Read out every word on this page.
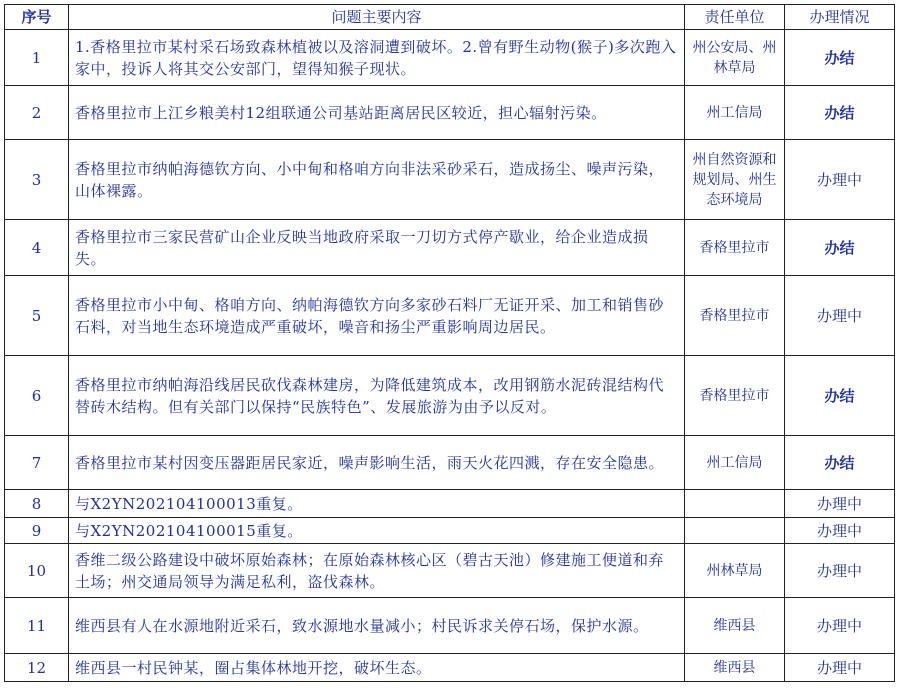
序号	问题主要内容	责任单位	办理情况
1	1.香格里拉市某村采石场致森林植被以及溶洞遭到破坏。2.曾有野生动物(猴子)多次跑入家中，投诉人将其交公安部门，望得知猴子现状。	州公安局、州林草局	办结
2	香格里拉市上江乡粮美村12组联通公司基站距离居民区较近，担心辐射污染。	州工信局	办结
3	香格里拉市纳帕海德钦方向、小中甸和格咱方向非法采砂采石，造成扬尘、噪声污染，山体裸露。	州自然资源和规划局、州生态环境局	办理中
4	香格里拉市三家民营矿山企业反映当地政府采取一刀切方式停产歇业，给企业造成损失。	香格里拉市	办结
5	香格里拉市小中甸、格咱方向、纳帕海德钦方向多家砂石料厂无证开采、加工和销售砂石料，对当地生态环境造成严重破坏，噪音和扬尘严重影响周边居民。	香格里拉市	办理中
6	香格里拉市纳帕海沿线居民砍伐森林建房，为降低建筑成本，改用钢筋水泥砖混结构代替砖木结构。但有关部门以保持“民族特色”、发展旅游为由予以反对。	香格里拉市	办结
7	香格里拉市某村因变压器距居民家近，噪声影响生活，雨天火花四溅，存在安全隐患。	州工信局	办结
8	与X2YN202104100013重复。		办理中
9	与X2YN202104100015重复。		办理中
10	香维二级公路建设中破坏原始森林；在原始森林核心区（碧古天池）修建施工便道和弃土场；州交通局领导为满足私利，盗伐森林。	州林草局	办理中
11	维西县有人在水源地附近采石，致水源地水量减小；村民诉求关停石场，保护水源。	维西县	办理中
12	维西县一村民钟某，圈占集体林地开挖，破坏生态。	维西县	办理中
